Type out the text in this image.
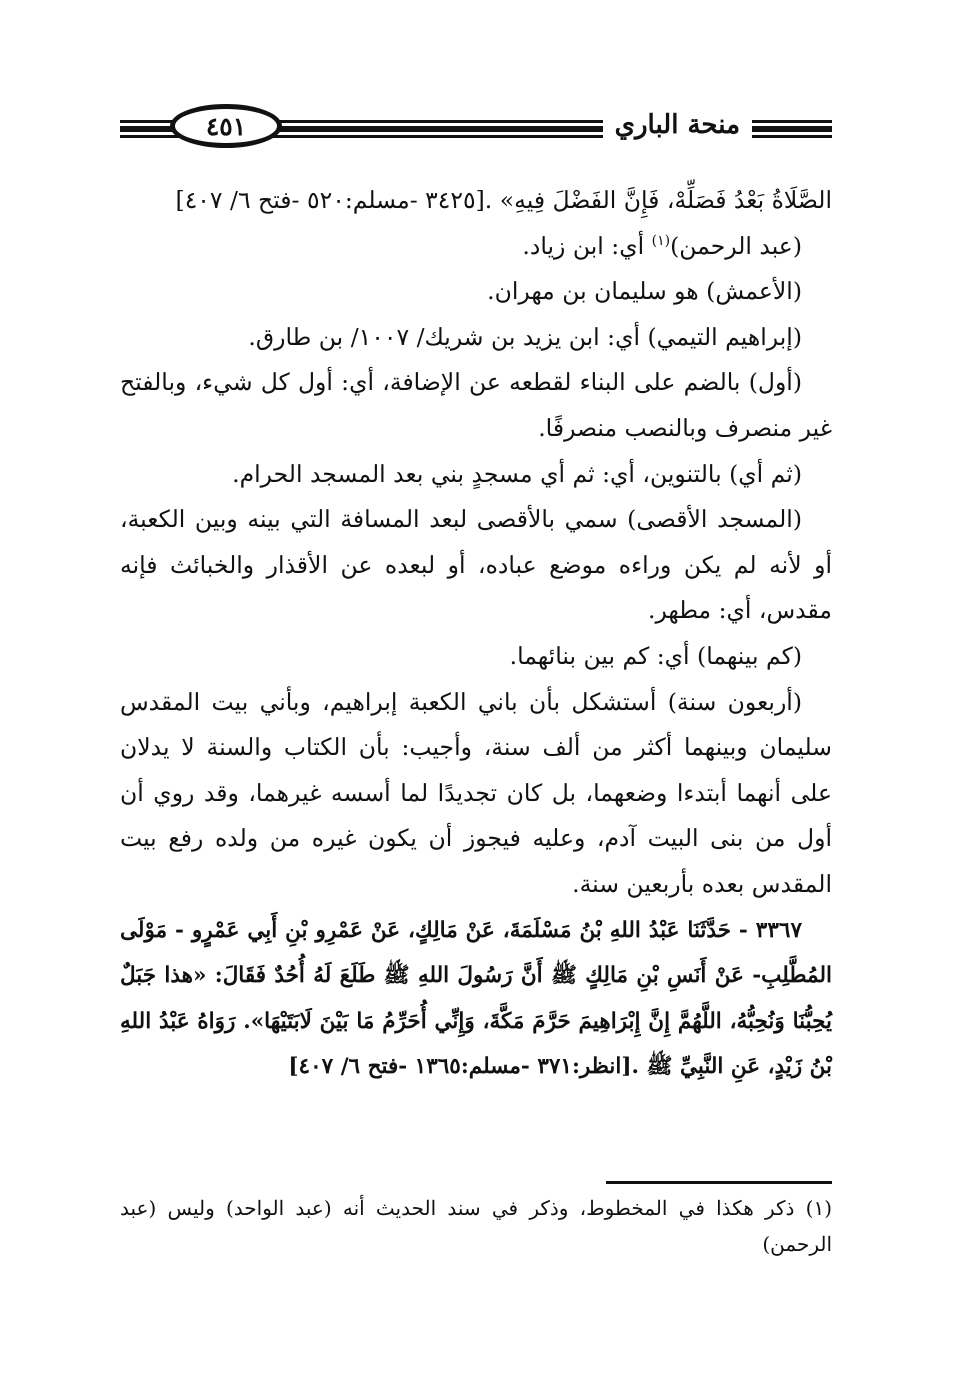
منحة الباري
٤٥١

الصَّلَاةُ بَعْدُ فَصَلِّهْ، فَإِنَّ الفَضْلَ فِيهِ» .[٣٤٢٥ -مسلم:٥٢٠ -فتح ٦/ ٤٠٧]

(عبد الرحمن)$^{(١)}$ أي: ابن زياد.

(الأعمش) هو سليمان بن مهران.

(إبراهيم التيمي) أي: ابن يزيد بن شريك/ ١٠٠٧/ بن طارق.

(أول) بالضم على البناء لقطعه عن الإضافة، أي: أول كل شيء، وبالفتح غير منصرف وبالنصب منصرفًا.

(ثم أي) بالتنوين، أي: ثم أي مسجدٍ بني بعد المسجد الحرام.

(المسجد الأقصى) سمي بالأقصى لبعد المسافة التي بينه وبين الكعبة، أو لأنه لم يكن وراءه موضع عباده، أو لبعده عن الأقذار والخبائث فإنه مقدس، أي: مطهر.

(كم بينهما) أي: كم بين بنائهما.

(أربعون سنة) أستشكل بأن باني الكعبة إبراهيم، وبأني بيت المقدس سليمان وبينهما أكثر من ألف سنة، وأجيب: بأن الكتاب والسنة لا يدلان على أنهما أبتدءا وضعهما، بل كان تجديدًا لما أسسه غيرهما، وقد روي أن أول من بنى البيت آدم، وعليه فيجوز أن يكون غيره من ولده رفع بيت المقدس بعده بأربعين سنة.

٣٣٦٧ - حَدَّثَنَا عَبْدُ اللهِ بْنُ مَسْلَمَةَ، عَنْ مَالِكٍ، عَنْ عَمْرِو بْنِ أَبِي عَمْرٍو - مَوْلَى المُطَّلِبِ- عَنْ أَنَسِ بْنِ مَالِكٍ ﷺ أَنَّ رَسُولَ اللهِ ﷺ طَلَعَ لَهُ أُحُدٌ فَقَالَ: «هذا جَبَلٌ يُحِبُّنَا وَنُحِبُّهُ، اللَّهُمَّ إِنَّ إِبْرَاهِيمَ حَرَّمَ مَكَّةَ، وَإِنِّي أُحَرِّمُ مَا بَيْنَ لَابَتَيْهَا». رَوَاهُ عَبْدُ اللهِ بْنُ زَيْدٍ، عَنِ النَّبِيِّ ﷺ .[انظر:٣٧١ -مسلم:١٣٦٥ -فتح ٦/ ٤٠٧]

(١) ذكر هكذا في المخطوط، وذكر في سند الحديث أنه (عبد الواحد) وليس (عبد الرحمن)
